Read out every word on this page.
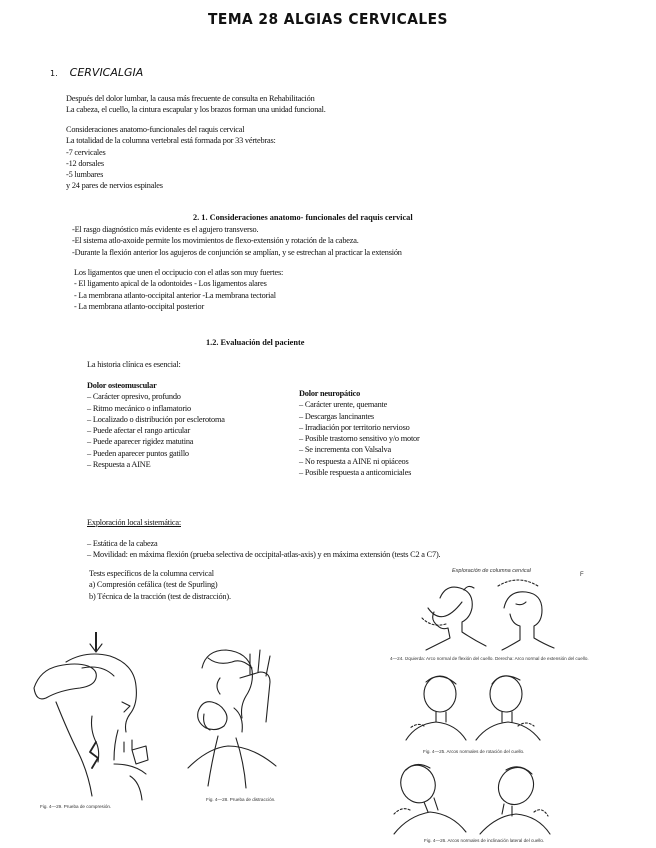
TEMA 28 ALGIAS CERVICALES
1. CERVICALGIA
Después del dolor lumbar, la causa más frecuente de consulta en Rehabilitación
La cabeza, el cuello, la cintura escapular y los brazos forman una unidad funcional.
Consideraciones anatomo-funcionales del raquis cervical
La totalidad de la columna vertebral está formada por 33 vértebras:
-7 cervicales
-12 dorsales
-5 lumbares
y 24 pares de nervios espinales
2. 1. Consideraciones anatomo- funcionales del raquis cervical
-El rasgo diagnóstico más evidente es el agujero transverso.
-El sistema atlo-axoide permite los movimientos de flexo-extensión y rotación de la cabeza.
-Durante la flexión anterior los agujeros de conjunción se amplían, y se estrechan al practicar la extensión
Los ligamentos que unen el occipucio con el atlas son muy fuertes:
- El ligamento apical de la odontoides - Los ligamentos alares
- La membrana atlanto-occipital anterior -La membrana tectorial
- La membrana atlanto-occipital posterior
1.2. Evaluación del paciente
La historia clínica es esencial:
Dolor osteomuscular
– Carácter opresivo, profundo
– Ritmo mecánico o inflamatorio
– Localizado o distribución por esclerotoma
– Puede afectar el rango articular
– Puede aparecer rigidez matutina
– Pueden aparecer puntos gatillo
– Respuesta a AINE
Dolor neuropático
– Carácter urente, quemante
– Descargas lancinantes
– Irradiación por territorio nervioso
– Posible trastorno sensitivo y/o motor
– Se incrementa con Valsalva
– No respuesta a AINE ni opiáceos
– Posible respuesta a anticomiciales
Exploración local sistemática:
– Estática de la cabeza
– Movilidad: en máxima flexión (prueba selectiva de occipital-atlas-axis) y en máxima extensión (tests C2 a C7).
Tests específicos de la columna cervical
a) Compresión cefálica (test de Spurling)
b) Técnica de la tracción (test de distracción).
Exploración de columna cervical
F
4—24. Izquierda: Arco normal de flexión del cuello. Derecha: Arco normal de extensión del cuello.
Fig. 4—25. Arcos normales de rotación del cuello.
Fig. 4—26. Arcos normales de inclinación lateral del cuello.
Fig. 4—29. Prueba de compresión.
Fig. 4—28. Prueba de distracción.
